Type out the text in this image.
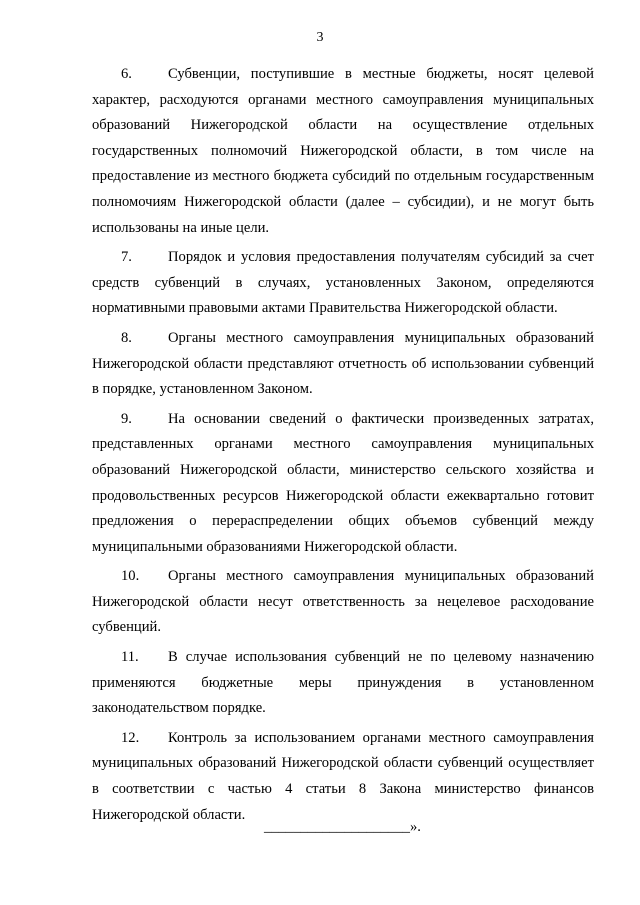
3

6. Субвенции, поступившие в местные бюджеты, носят целевой характер, расходуются органами местного самоуправления муниципальных образований Нижегородской области на осуществление отдельных государственных полномочий Нижегородской области, в том числе на предоставление из местного бюджета субсидий по отдельным государственным полномочиям Нижегородской области (далее – субсидии), и не могут быть использованы на иные цели.

7. Порядок и условия предоставления получателям субсидий за счет средств субвенций в случаях, установленных Законом, определяются нормативными правовыми актами Правительства Нижегородской области.

8. Органы местного самоуправления муниципальных образований Нижегородской области представляют отчетность об использовании субвенций в порядке, установленном Законом.

9. На основании сведений о фактически произведенных затратах, представленных органами местного самоуправления муниципальных образований Нижегородской области, министерство сельского хозяйства и продовольственных ресурсов Нижегородской области ежеквартально готовит предложения о перераспределении общих объемов субвенций между муниципальными образованиями Нижегородской области.

10. Органы местного самоуправления муниципальных образований Нижегородской области несут ответственность за нецелевое расходование субвенций.

11. В случае использования субвенций не по целевому назначению применяются бюджетные меры принуждения в установленном законодательством порядке.

12. Контроль за использованием органами местного самоуправления муниципальных образований Нижегородской области субвенций осуществляет в соответствии с частью 4 статьи 8 Закона министерство финансов Нижегородской области.

____________________».
